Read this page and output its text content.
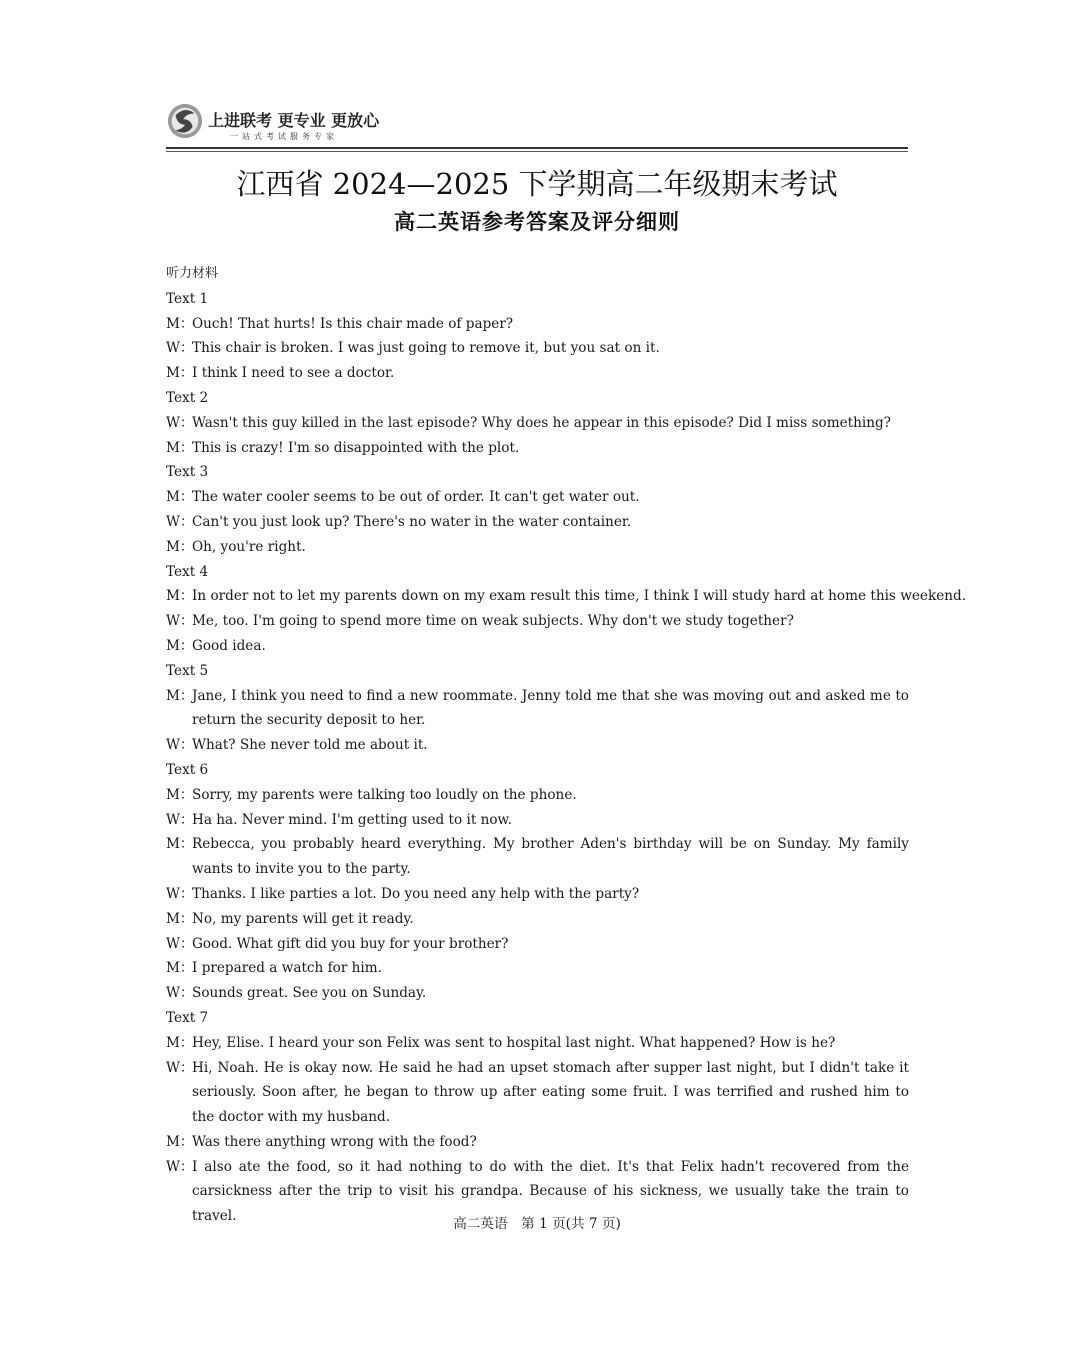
上进联考 更专业 更放心
一站式考试服务专家
江西省 2024—2025 下学期高二年级期末考试
高二英语参考答案及评分细则
听力材料
Text 1
M：
Ouch! That hurts! Is this chair made of paper?
W：
This chair is broken. I was just going to remove it, but you sat on it.
M：
I think I need to see a doctor.
Text 2
W：
Wasn't this guy killed in the last episode? Why does he appear in this episode? Did I miss something?
M：
This is crazy! I'm so disappointed with the plot.
Text 3
M：
The water cooler seems to be out of order. It can't get water out.
W：
Can't you just look up? There's no water in the water container.
M：
Oh, you're right.
Text 4
M：
In order not to let my parents down on my exam result this time, I think I will study hard at home this weekend.
W：
Me, too. I'm going to spend more time on weak subjects. Why don't we study together?
M：
Good idea.
Text 5
M：
Jane, I think you need to find a new roommate. Jenny told me that she was moving out and asked me to return the security deposit to her.
W：
What? She never told me about it.
Text 6
M：
Sorry, my parents were talking too loudly on the phone.
W：
Ha ha. Never mind. I'm getting used to it now.
M：
Rebecca, you probably heard everything. My brother Aden's birthday will be on Sunday. My family wants to invite you to the party.
W：
Thanks. I like parties a lot. Do you need any help with the party?
M：
No, my parents will get it ready.
W：
Good. What gift did you buy for your brother?
M：
I prepared a watch for him.
W：
Sounds great. See you on Sunday.
Text 7
M：
Hey, Elise. I heard your son Felix was sent to hospital last night. What happened? How is he?
W：
Hi, Noah. He is okay now. He said he had an upset stomach after supper last night, but I didn't take it seriously. Soon after, he began to throw up after eating some fruit. I was terrified and rushed him to the doctor with my husband.
M：
Was there anything wrong with the food?
W：
I also ate the food, so it had nothing to do with the diet. It's that Felix hadn't recovered from the carsickness after the trip to visit his grandpa. Because of his sickness, we usually take the train to travel.	高二英语　第 1 页(共 7 页)
